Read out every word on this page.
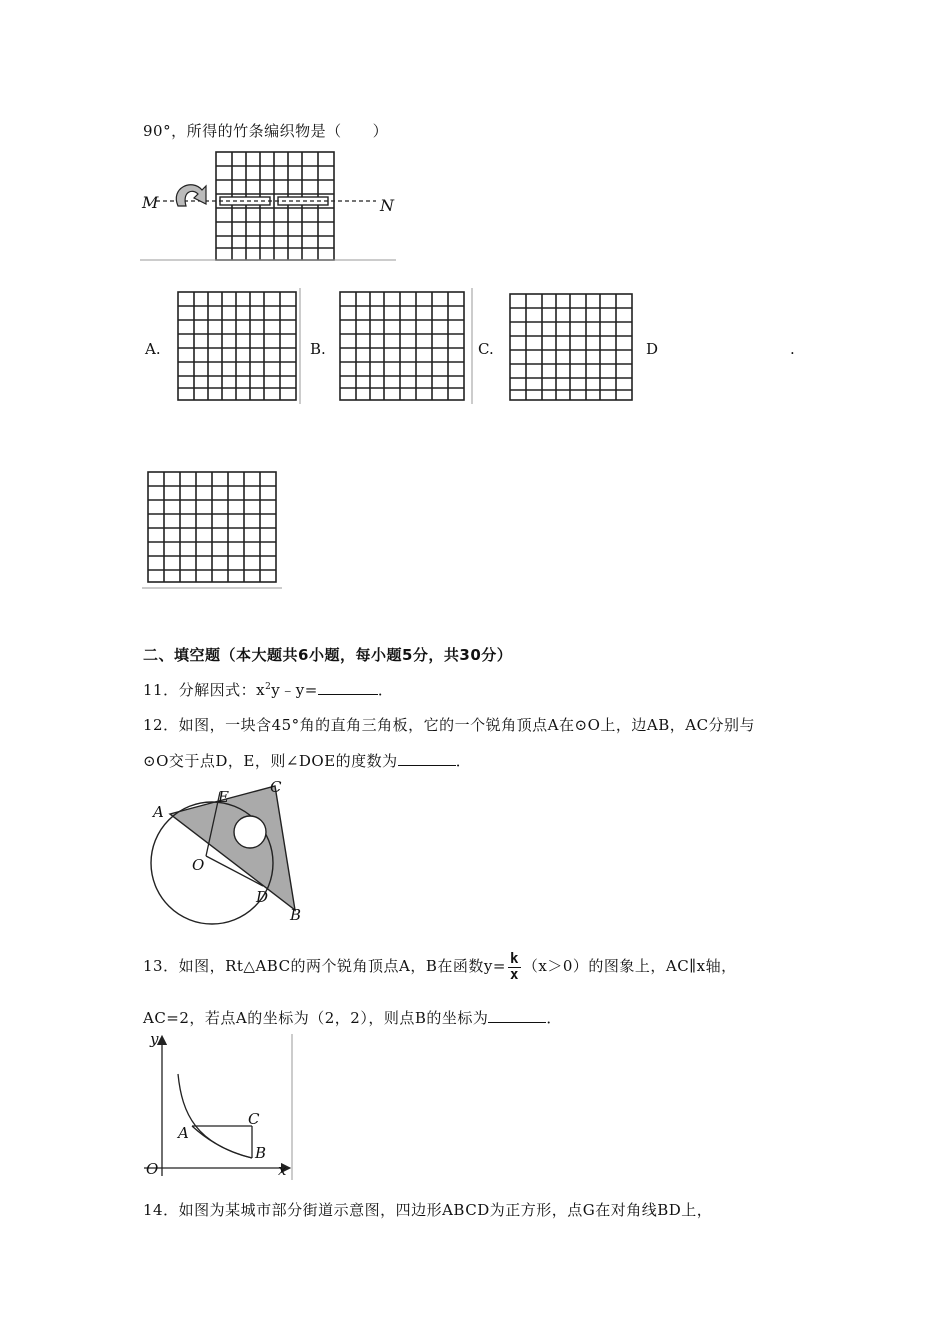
90°，所得的竹条编织物是（　　）
M	N
A.	B.	C.	D	.
二、填空题（本大题共6小题，每小题5分，共30分）
11．分解因式：$x^2y﹣y=$	．
12．如图，一块含45°角的直角三角板，它的一个锐角顶点A在⊙O上，边AB，AC分别与
⊙O交于点D，E，则∠DOE的度数为	．
A
E
C
O
D
B
13．如图，Rt△ABC的两个锐角顶点A，B在函数$y= \frac{k}{x} (x>0)$的图象上，AC∥x轴，
AC=2，若点A的坐标为（2，2），则点B的坐标为	．
y
x
O
A
B
C
14．如图为某城市部分街道示意图，四边形ABCD为正方形，点G在对角线BD上，
